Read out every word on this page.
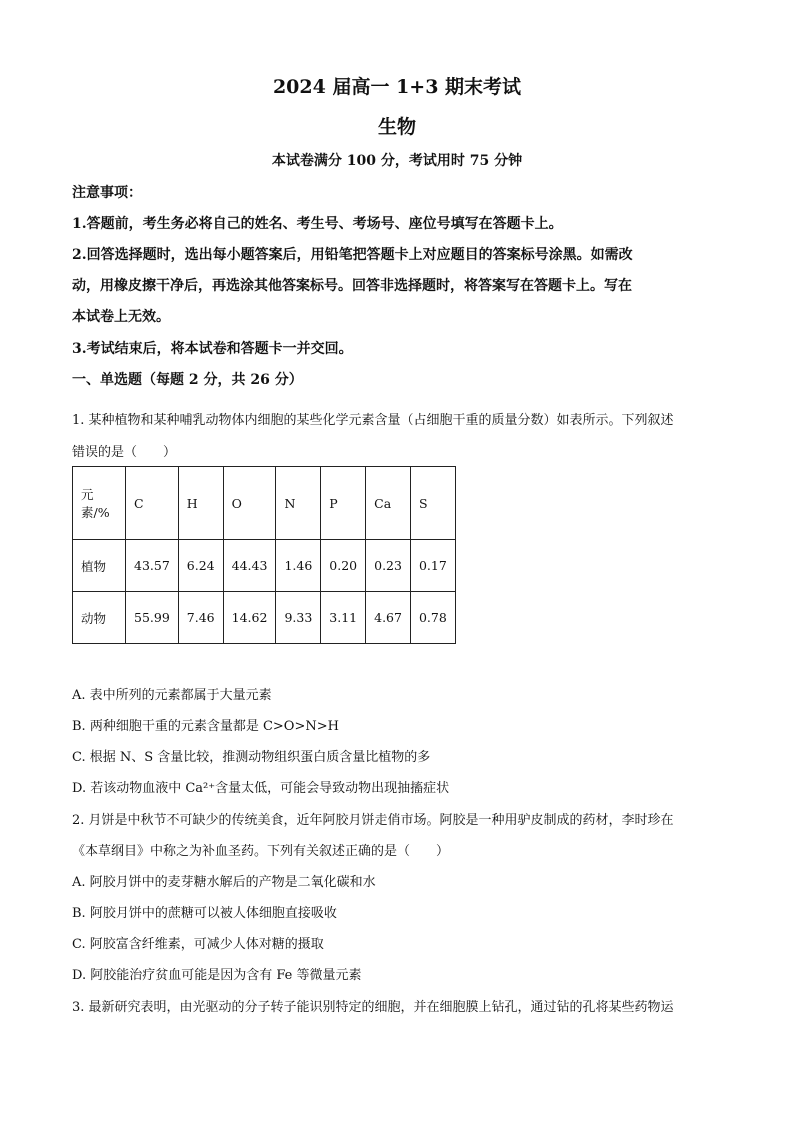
2024 届高一 1+3 期末考试
生物
本试卷满分 100 分，考试用时 75 分钟
注意事项：
1.答题前，考生务必将自己的姓名、考生号、考场号、座位号填写在答题卡上。
2.回答选择题时，选出每小题答案后，用铅笔把答题卡上对应题目的答案标号涂黑。如需改
动，用橡皮擦干净后，再选涂其他答案标号。回答非选择题时，将答案写在答题卡上。写在
本试卷上无效。
3.考试结束后，将本试卷和答题卡一并交回。
一、单选题（每题 2 分，共 26 分）
1. 某种植物和某种哺乳动物体内细胞的某些化学元素含量（占细胞干重的质量分数）如表所示。下列叙述
错误的是（　　）
元素/%	C	H	O	N	P	Ca	S
植物	43.57	6.24	44.43	1.46	0.20	0.23	0.17
动物	55.99	7.46	14.62	9.33	3.11	4.67	0.78
A. 表中所列的元素都属于大量元素
B. 两种细胞干重的元素含量都是 C>O>N>H
C. 根据 N、S 含量比较，推测动物组织蛋白质含量比植物的多
D. 若该动物血液中 Ca²⁺含量太低，可能会导致动物出现抽搐症状
2. 月饼是中秋节不可缺少的传统美食，近年阿胶月饼走俏市场。阿胶是一种用驴皮制成的药材，李时珍在
《本草纲目》中称之为补血圣药。下列有关叙述正确的是（　　）
A. 阿胶月饼中的麦芽糖水解后的产物是二氧化碳和水
B. 阿胶月饼中的蔗糖可以被人体细胞直接吸收
C. 阿胶富含纤维素，可减少人体对糖的摄取
D. 阿胶能治疗贫血可能是因为含有 Fe 等微量元素
3. 最新研究表明，由光驱动的分子转子能识别特定的细胞，并在细胞膜上钻孔，通过钻的孔将某些药物运
